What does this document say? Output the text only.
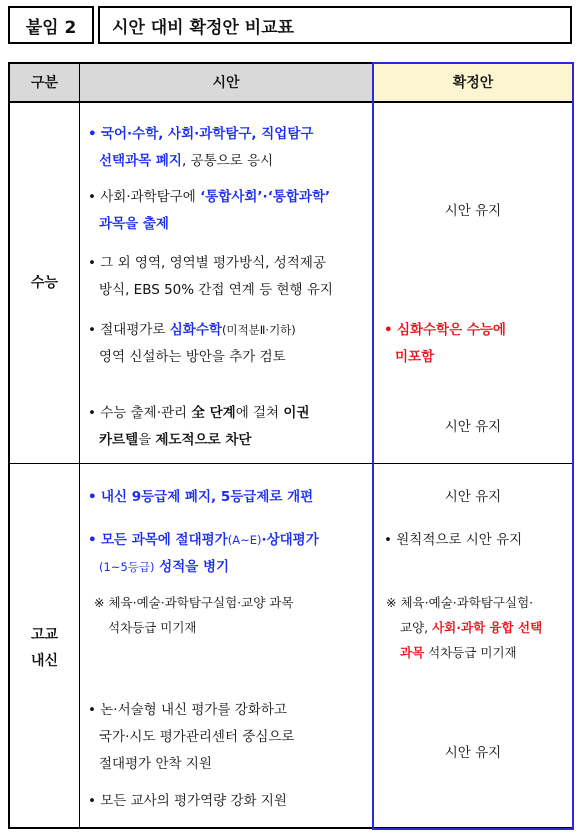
붙임 2 시안 대비 확정안 비교표
구분	시안	확정안
수능
고교
내신
• 국어·수학, 사회·과학탐구, 직업탐구
선택과목 폐지, 공통으로 응시
• 사회·과학탐구에 ‘통합사회’·‘통합과학’
과목을 출제
• 그 외 영역, 영역별 평가방식, 성적제공
방식, EBS 50% 간접 연계 등 현행 유지
• 절대평가로 심화수학(미적분Ⅱ·기하)
영역 신설하는 방안을 추가 검토
• 수능 출제·관리 全 단계에 걸쳐 이권
카르텔을 제도적으로 차단
시안 유지
• 심화수학은 수능에
미포함
시안 유지
• 내신 9등급제 폐지, 5등급제로 개편
• 모든 과목에 절대평가(A~E)·상대평가
(1~5등급) 성적을 병기
※ 체육·예술·과학탐구실험·교양 과목
석차등급 미기재
• 논·서술형 내신 평가를 강화하고
국가·시도 평가관리센터 중심으로
절대평가 안착 지원
• 모든 교사의 평가역량 강화 지원
시안 유지
• 원칙적으로 시안 유지
※ 체육·예술·과학탐구실험·
교양, 사회·과학 융합 선택
과목 석차등급 미기재
시안 유지
